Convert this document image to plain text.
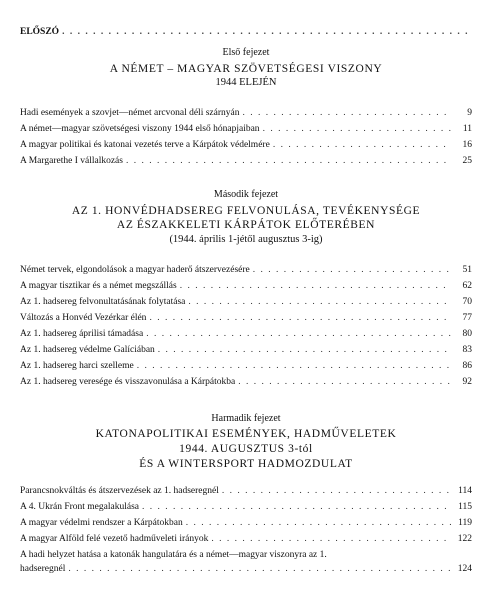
ELŐSZÓ
. . .
Első fejezet
A NÉMET – MAGYAR SZÖVETSÉGESI VISZONY
1944 ELEJÉN
Hadi események a szovjet—német arcvonal déli szárnyán . . .	9
A német—magyar szövetségesi viszony 1944 első hónapjaiban . . .	11
A magyar politikai és katonai vezetés terve a Kárpátok védelmére . . .	16
A Margarethe I vállalkozás . . .	25
Második fejezet
AZ 1. HONVÉDHADSEREG FELVONULÁSA, TEVÉKENYSÉGE
AZ ÉSZAKKELETI KÁRPÁTOK ELŐTERÉBEN
(1944. április 1-jétől augusztus 3-ig)
Német tervek, elgondolások a magyar haderő átszervezésére . . .	51
A magyar tisztikar és a német megszállás . . .	62
Az 1. hadsereg felvonultatásának folytatása . . .	70
Változás a Honvéd Vezérkar élén . . .	77
Az 1. hadsereg áprilisi támadása . . .	80
Az 1. hadsereg védelme Galíciában . . .	83
Az 1. hadsereg harci szelleme . . .	86
Az 1. hadsereg veresége és visszavonulása a Kárpátokba . . .	92
Harmadik fejezet
KATONAPOLITIKAI ESEMÉNYEK, HADMŰVELETEK
1944. AUGUSZTUS 3-tól
ÉS A WINTERSPORT HADMOZDULAT
Parancsnokváltás és átszervezések az 1. hadseregnél . . .	114
A 4. Ukrán Front megalakulása . . .	115
A magyar védelmi rendszer a Kárpátokban . . .	119
A magyar Alföld felé vezető hadműveleti irányok . . .	122
A hadi helyzet hatása a katonák hangulatára és a német—magyar viszonyra az 1.
hadseregnél . . .	124
